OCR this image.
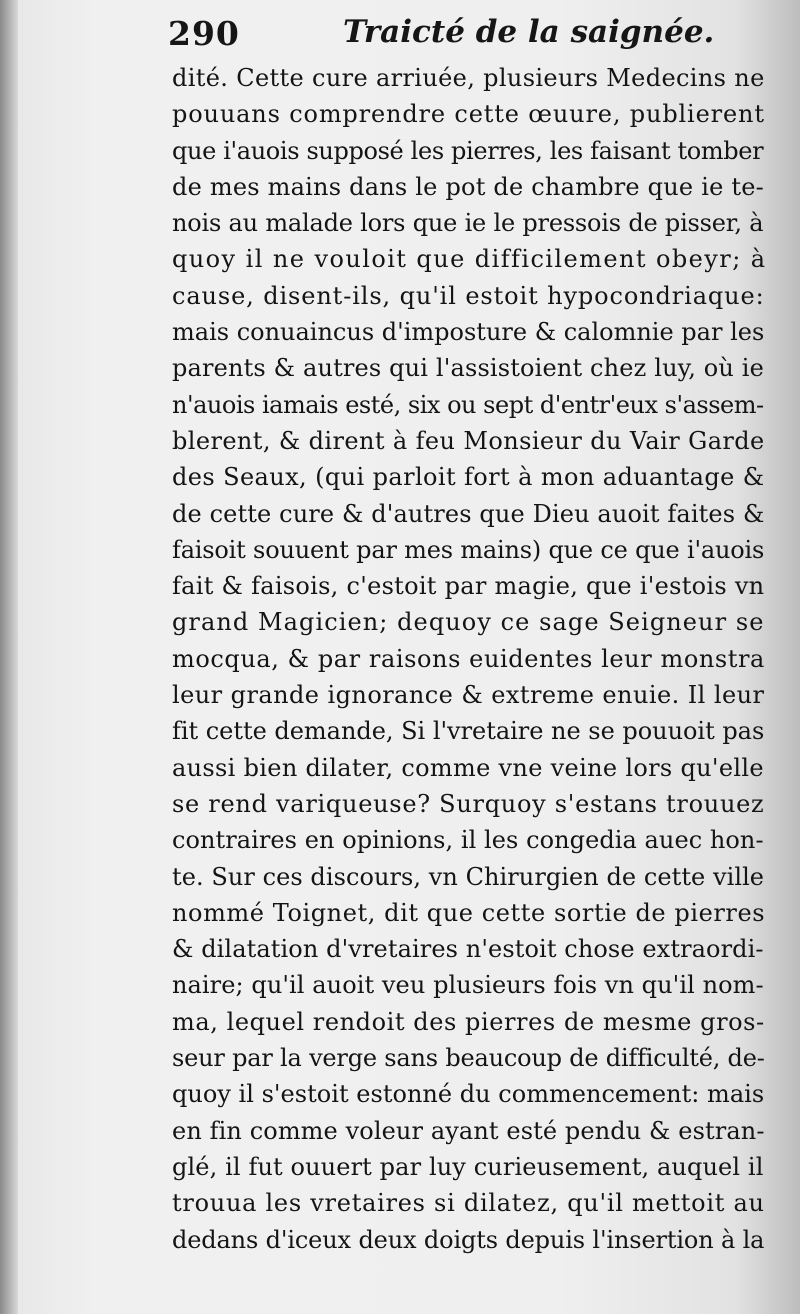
290	Traicté de la saignée.
dité. Cette cure arriuée, plusieurs Medecins ne
pouuans comprendre cette œuure, publierent
que i'auois supposé les pierres, les faisant tomber
de mes mains dans le pot de chambre que ie te-
nois au malade lors que ie le pressois de pisser, à
quoy il ne vouloit que difficilement obeyr; à
cause, disent-ils, qu'il estoit hypocondriaque:
mais conuaincus d'imposture & calomnie par les
parents & autres qui l'assistoient chez luy, où ie
n'auois iamais esté, six ou sept d'entr'eux s'assem-
blerent, & dirent à feu Monsieur du Vair Garde
des Seaux, (qui parloit fort à mon aduantage &
de cette cure & d'autres que Dieu auoit faites &
faisoit souuent par mes mains) que ce que i'auois
fait & faisois, c'estoit par magie, que i'estois vn
grand Magicien; dequoy ce sage Seigneur se
mocqua, & par raisons euidentes leur monstra
leur grande ignorance & extreme enuie. Il leur
fit cette demande, Si l'vretaire ne se pouuoit pas
aussi bien dilater, comme vne veine lors qu'elle
se rend variqueuse? Surquoy s'estans trouuez
contraires en opinions, il les congedia auec hon-
te. Sur ces discours, vn Chirurgien de cette ville
nommé Toignet, dit que cette sortie de pierres
& dilatation d'vretaires n'estoit chose extraordi-
naire; qu'il auoit veu plusieurs fois vn qu'il nom-
ma, lequel rendoit des pierres de mesme gros-
seur par la verge sans beaucoup de difficulté, de-
quoy il s'estoit estonné du commencement: mais
en fin comme voleur ayant esté pendu & estran-
glé, il fut ouuert par luy curieusement, auquel il
trouua les vretaires si dilatez, qu'il mettoit au
dedans d'iceux deux doigts depuis l'insertion à la
